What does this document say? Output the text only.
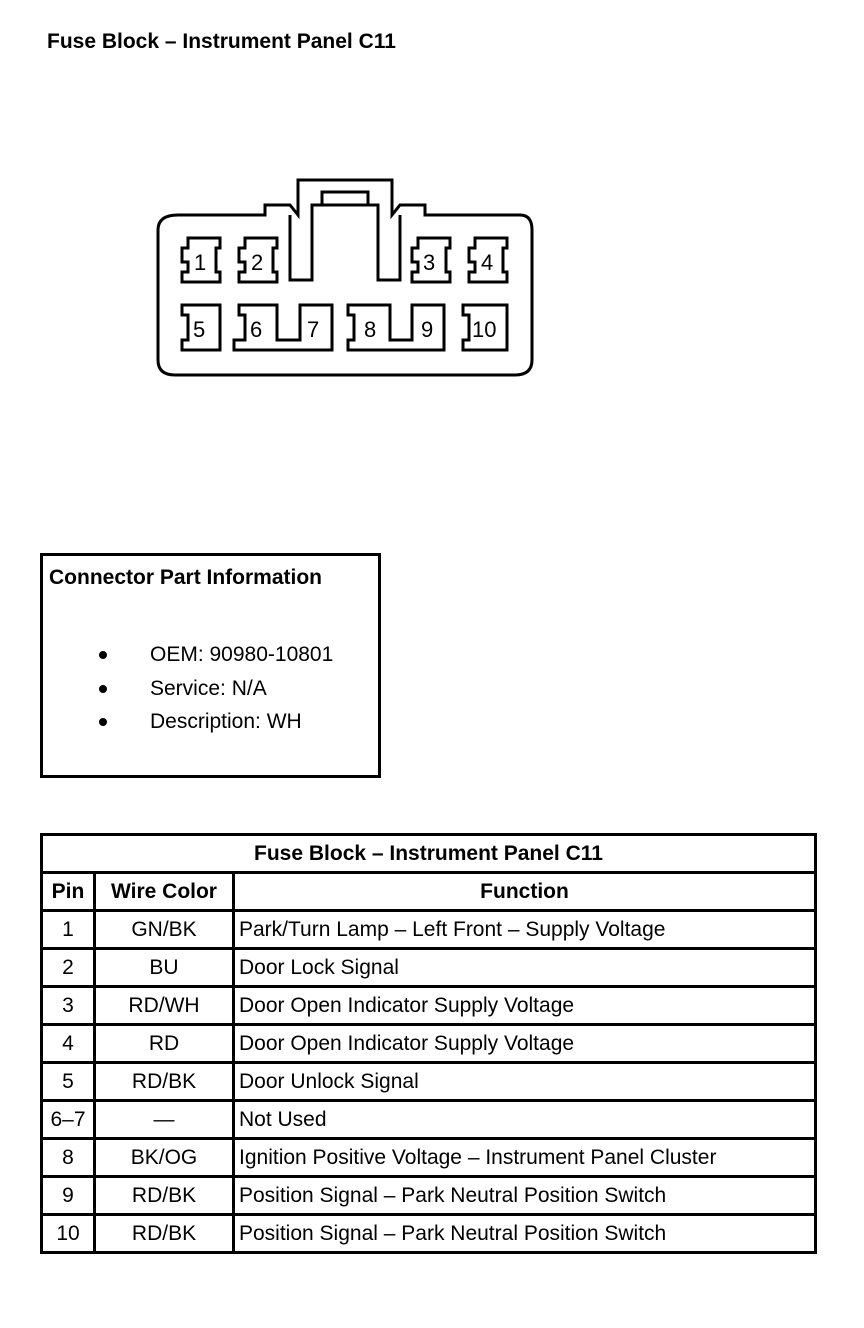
Fuse Block – Instrument Panel C11
1 2	3 4
5 6 7 8 9 10
Connector Part Information
OEM: 90980-10801
Service: N/A
Description: WH
Fuse Block – Instrument Panel C11		
Pin	Wire Color	Function
1	GN/BK	Park/Turn Lamp – Left Front – Supply Voltage
2	BU	Door Lock Signal
3	RD/WH	Door Open Indicator Supply Voltage
4	RD	Door Open Indicator Supply Voltage
5	RD/BK	Door Unlock Signal
6–7	—	Not Used
8	BK/OG	Ignition Positive Voltage – Instrument Panel Cluster
9	RD/BK	Position Signal – Park Neutral Position Switch
10	RD/BK	Position Signal – Park Neutral Position Switch
